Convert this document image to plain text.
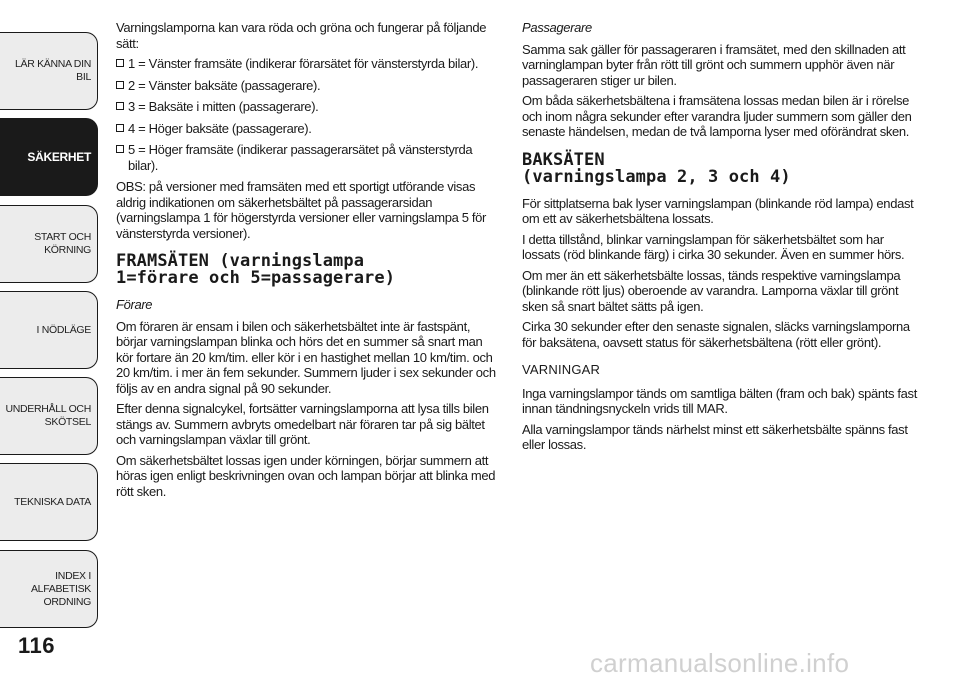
LÄR KÄNNA DIN BIL
SÄKERHET
START OCH
KÖRNING
I NÖDLÄGE
UNDERHÅLL OCH
SKÖTSEL
TEKNISKA DATA
INDEX I ALFABETISK
ORDNING
116

Varningslamporna kan vara röda och gröna och fungerar på följande sätt:

1 = Vänster framsäte (indikerar förarsätet för vänsterstyrda bilar).
2 = Vänster baksäte (passagerare).
3 = Baksäte i mitten (passagerare).
4 = Höger baksäte (passagerare).
5 = Höger framsäte (indikerar passagerarsätet på vänsterstyrda bilar).

OBS: på versioner med framsäten med ett sportigt utförande visas aldrig indikationen om säkerhetsbältet på passagerarsidan (varningslampa 1 för högerstyrda versioner eller varningslampa 5 för vänsterstyrda versioner).

FRAMSÄTEN (varningslampa
1=förare och 5=passagerare)

Förare

Om föraren är ensam i bilen och säkerhetsbältet inte är fastspänt, börjar varningslampan blinka och hörs det en summer så snart man kör fortare än 20 km/tim. eller kör i en hastighet mellan 10 km/tim. och 20 km/tim. i mer än fem sekunder. Summern ljuder i sex sekunder och följs av en andra signal på 90 sekunder.

Efter denna signalcykel, fortsätter varningslamporna att lysa tills bilen stängs av. Summern avbryts omedelbart när föraren tar på sig bältet och varningslampan växlar till grönt.

Om säkerhetsbältet lossas igen under körningen, börjar summern att höras igen enligt beskrivningen ovan och lampan börjar att blinka med rött sken.

Passagerare

Samma sak gäller för passageraren i framsätet, med den skillnaden att varninglampan byter från rött till grönt och summern upphör även när passageraren stiger ur bilen.

Om båda säkerhetsbältena i framsätena lossas medan bilen är i rörelse och inom några sekunder efter varandra ljuder summern som gäller den senaste händelsen, medan de två lamporna lyser med oförändrat sken.

BAKSÄTEN
(varningslampa 2, 3 och 4)

För sittplatserna bak lyser varningslampan (blinkande röd lampa) endast om ett av säkerhetsbältena lossats.

I detta tillstånd, blinkar varningslampan för säkerhetsbältet som har lossats (röd blinkande färg) i cirka 30 sekunder. Även en summer hörs.

Om mer än ett säkerhetsbälte lossas, tänds respektive varningslampa (blinkande rött ljus) oberoende av varandra. Lamporna växlar till grönt sken så snart bältet sätts på igen.

Cirka 30 sekunder efter den senaste signalen, släcks varningslamporna för baksätena, oavsett status för säkerhetsbältena (rött eller grönt).

VARNINGAR

Inga varningslampor tänds om samtliga bälten (fram och bak) spänts fast innan tändningsnyckeln vrids till MAR.

Alla varningslampor tänds närhelst minst ett säkerhetsbälte spänns fast eller lossas.

carmanualsonline.info
